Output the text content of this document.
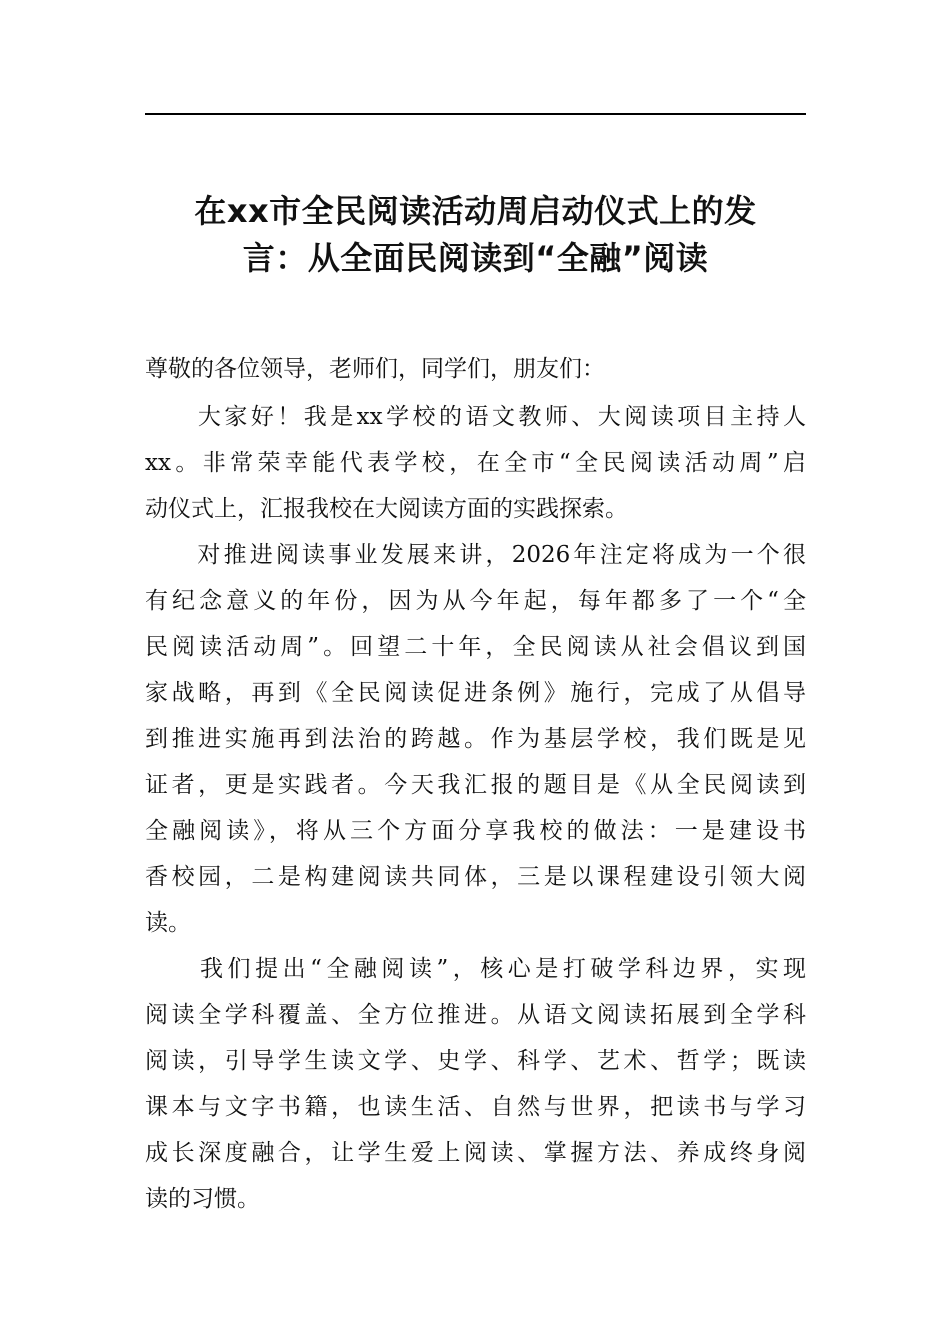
在xx市全民阅读活动周启动仪式上的发
言：从全面民阅读到“全融”阅读

尊敬的各位领导，老师们，同学们，朋友们：

　　大家好！我是xx学校的语文教师、大阅读项目主持人
xx。非常荣幸能代表学校，在全市“全民阅读活动周”启
动仪式上，汇报我校在大阅读方面的实践探索。

　　对推进阅读事业发展来讲，2026年注定将成为一个很
有纪念意义的年份，因为从今年起，每年都多了一个“全
民阅读活动周”。回望二十年，全民阅读从社会倡议到国
家战略，再到《全民阅读促进条例》施行，完成了从倡导
到推进实施再到法治的跨越。作为基层学校，我们既是见
证者，更是实践者。今天我汇报的题目是《从全民阅读到
全融阅读》，将从三个方面分享我校的做法：一是建设书
香校园，二是构建阅读共同体，三是以课程建设引领大阅
读。

　　我们提出“全融阅读”，核心是打破学科边界，实现
阅读全学科覆盖、全方位推进。从语文阅读拓展到全学科
阅读，引导学生读文学、史学、科学、艺术、哲学；既读
课本与文字书籍，也读生活、自然与世界，把读书与学习
成长深度融合，让学生爱上阅读、掌握方法、养成终身阅
读的习惯。
